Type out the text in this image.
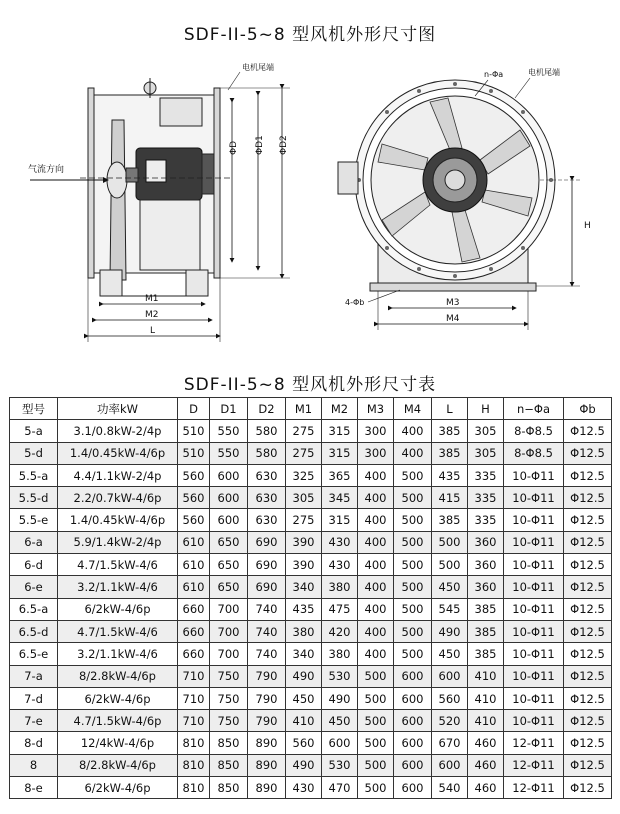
SDF-II-5~8 型风机外形尺寸图
气流方向
电机尾端
ΦD ΦD1 ΦD2
M1
M2
L
n-Φa	电机尾端
H
4-Φb	M3
M4
SDF-II-5~8 型风机外形尺寸表
型号	功率kW	D	D1	D2	M1	M2	M3	M4	L	H	n−Φa	Φb
5-a	3.1/0.8kW-2/4p	510	550	580	275	315	300	400	385	305	8-Φ8.5	Φ12.5
5-d	1.4/0.45kW-4/6p	510	550	580	275	315	300	400	385	305	8-Φ8.5	Φ12.5
5.5-a	4.4/1.1kW-2/4p	560	600	630	325	365	400	500	435	335	10-Φ11	Φ12.5
5.5-d	2.2/0.7kW-4/6p	560	600	630	305	345	400	500	415	335	10-Φ11	Φ12.5
5.5-e	1.4/0.45kW-4/6p	560	600	630	275	315	400	500	385	335	10-Φ11	Φ12.5
6-a	5.9/1.4kW-2/4p	610	650	690	390	430	400	500	500	360	10-Φ11	Φ12.5
6-d	4.7/1.5kW-4/6	610	650	690	390	430	400	500	500	360	10-Φ11	Φ12.5
6-e	3.2/1.1kW-4/6	610	650	690	340	380	400	500	450	360	10-Φ11	Φ12.5
6.5-a	6/2kW-4/6p	660	700	740	435	475	400	500	545	385	10-Φ11	Φ12.5
6.5-d	4.7/1.5kW-4/6	660	700	740	380	420	400	500	490	385	10-Φ11	Φ12.5
6.5-e	3.2/1.1kW-4/6	660	700	740	340	380	400	500	450	385	10-Φ11	Φ12.5
7-a	8/2.8kW-4/6p	710	750	790	490	530	500	600	600	410	10-Φ11	Φ12.5
7-d	6/2kW-4/6p	710	750	790	450	490	500	600	560	410	10-Φ11	Φ12.5
7-e	4.7/1.5kW-4/6p	710	750	790	410	450	500	600	520	410	10-Φ11	Φ12.5
8-d	12/4kW-4/6p	810	850	890	560	600	500	600	670	460	12-Φ11	Φ12.5
8	8/2.8kW-4/6p	810	850	890	490	530	500	600	600	460	12-Φ11	Φ12.5
8-e	6/2kW-4/6p	810	850	890	430	470	500	600	540	460	12-Φ11	Φ12.5
